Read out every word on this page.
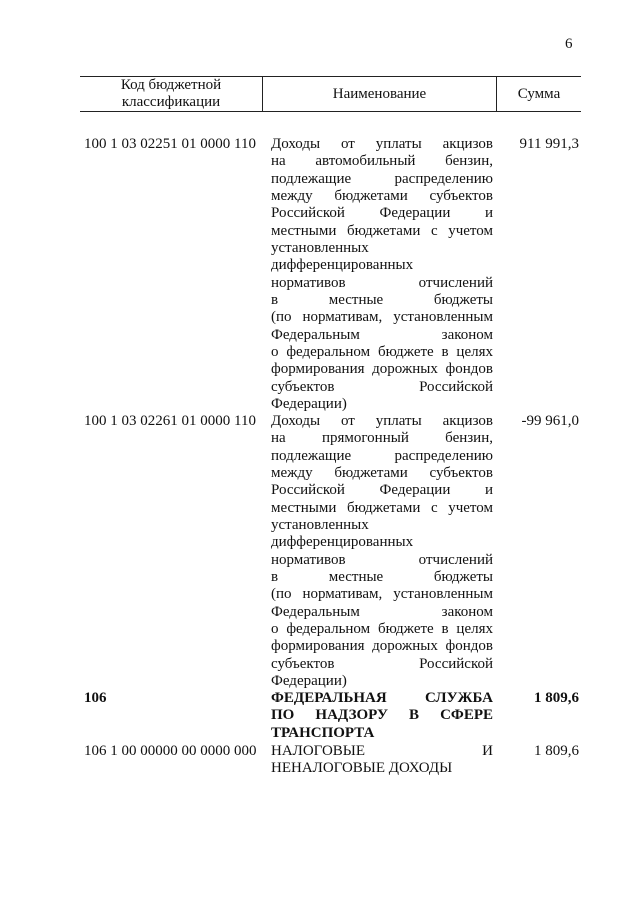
6
Код бюджетной классификации
Наименование	Сумма
100 1 03 02251 01 0000 110 Доходы от уплаты акцизов
на автомобильный бензин,
подлежащие распределению
между бюджетами субъектов
Российской Федерации и
местными бюджетами с учетом
установленных
дифференцированных
нормативов отчислений
в местные бюджеты
(по нормативам, установленным
Федеральным законом
о федеральном бюджете в целях
формирования дорожных фондов
субъектов Российской
Федерации)
911 991,3
100 1 03 02261 01 0000 110 Доходы от уплаты акцизов
на прямогонный бензин,
подлежащие распределению
между бюджетами субъектов
Российской Федерации и
местными бюджетами с учетом
установленных
дифференцированных
нормативов отчислений
в местные бюджеты
(по нормативам, установленным
Федеральным законом
о федеральном бюджете в целях
формирования дорожных фондов
субъектов Российской
Федерации)
-99 961,0
106	ФЕДЕРАЛЬНАЯ СЛУЖБА
ПО НАДЗОРУ В СФЕРЕ
ТРАНСПОРТА
1 809,6
106 1 00 00000 00 0000 000 НАЛОГОВЫЕ И
НЕНАЛОГОВЫЕ ДОХОДЫ
1 809,6
